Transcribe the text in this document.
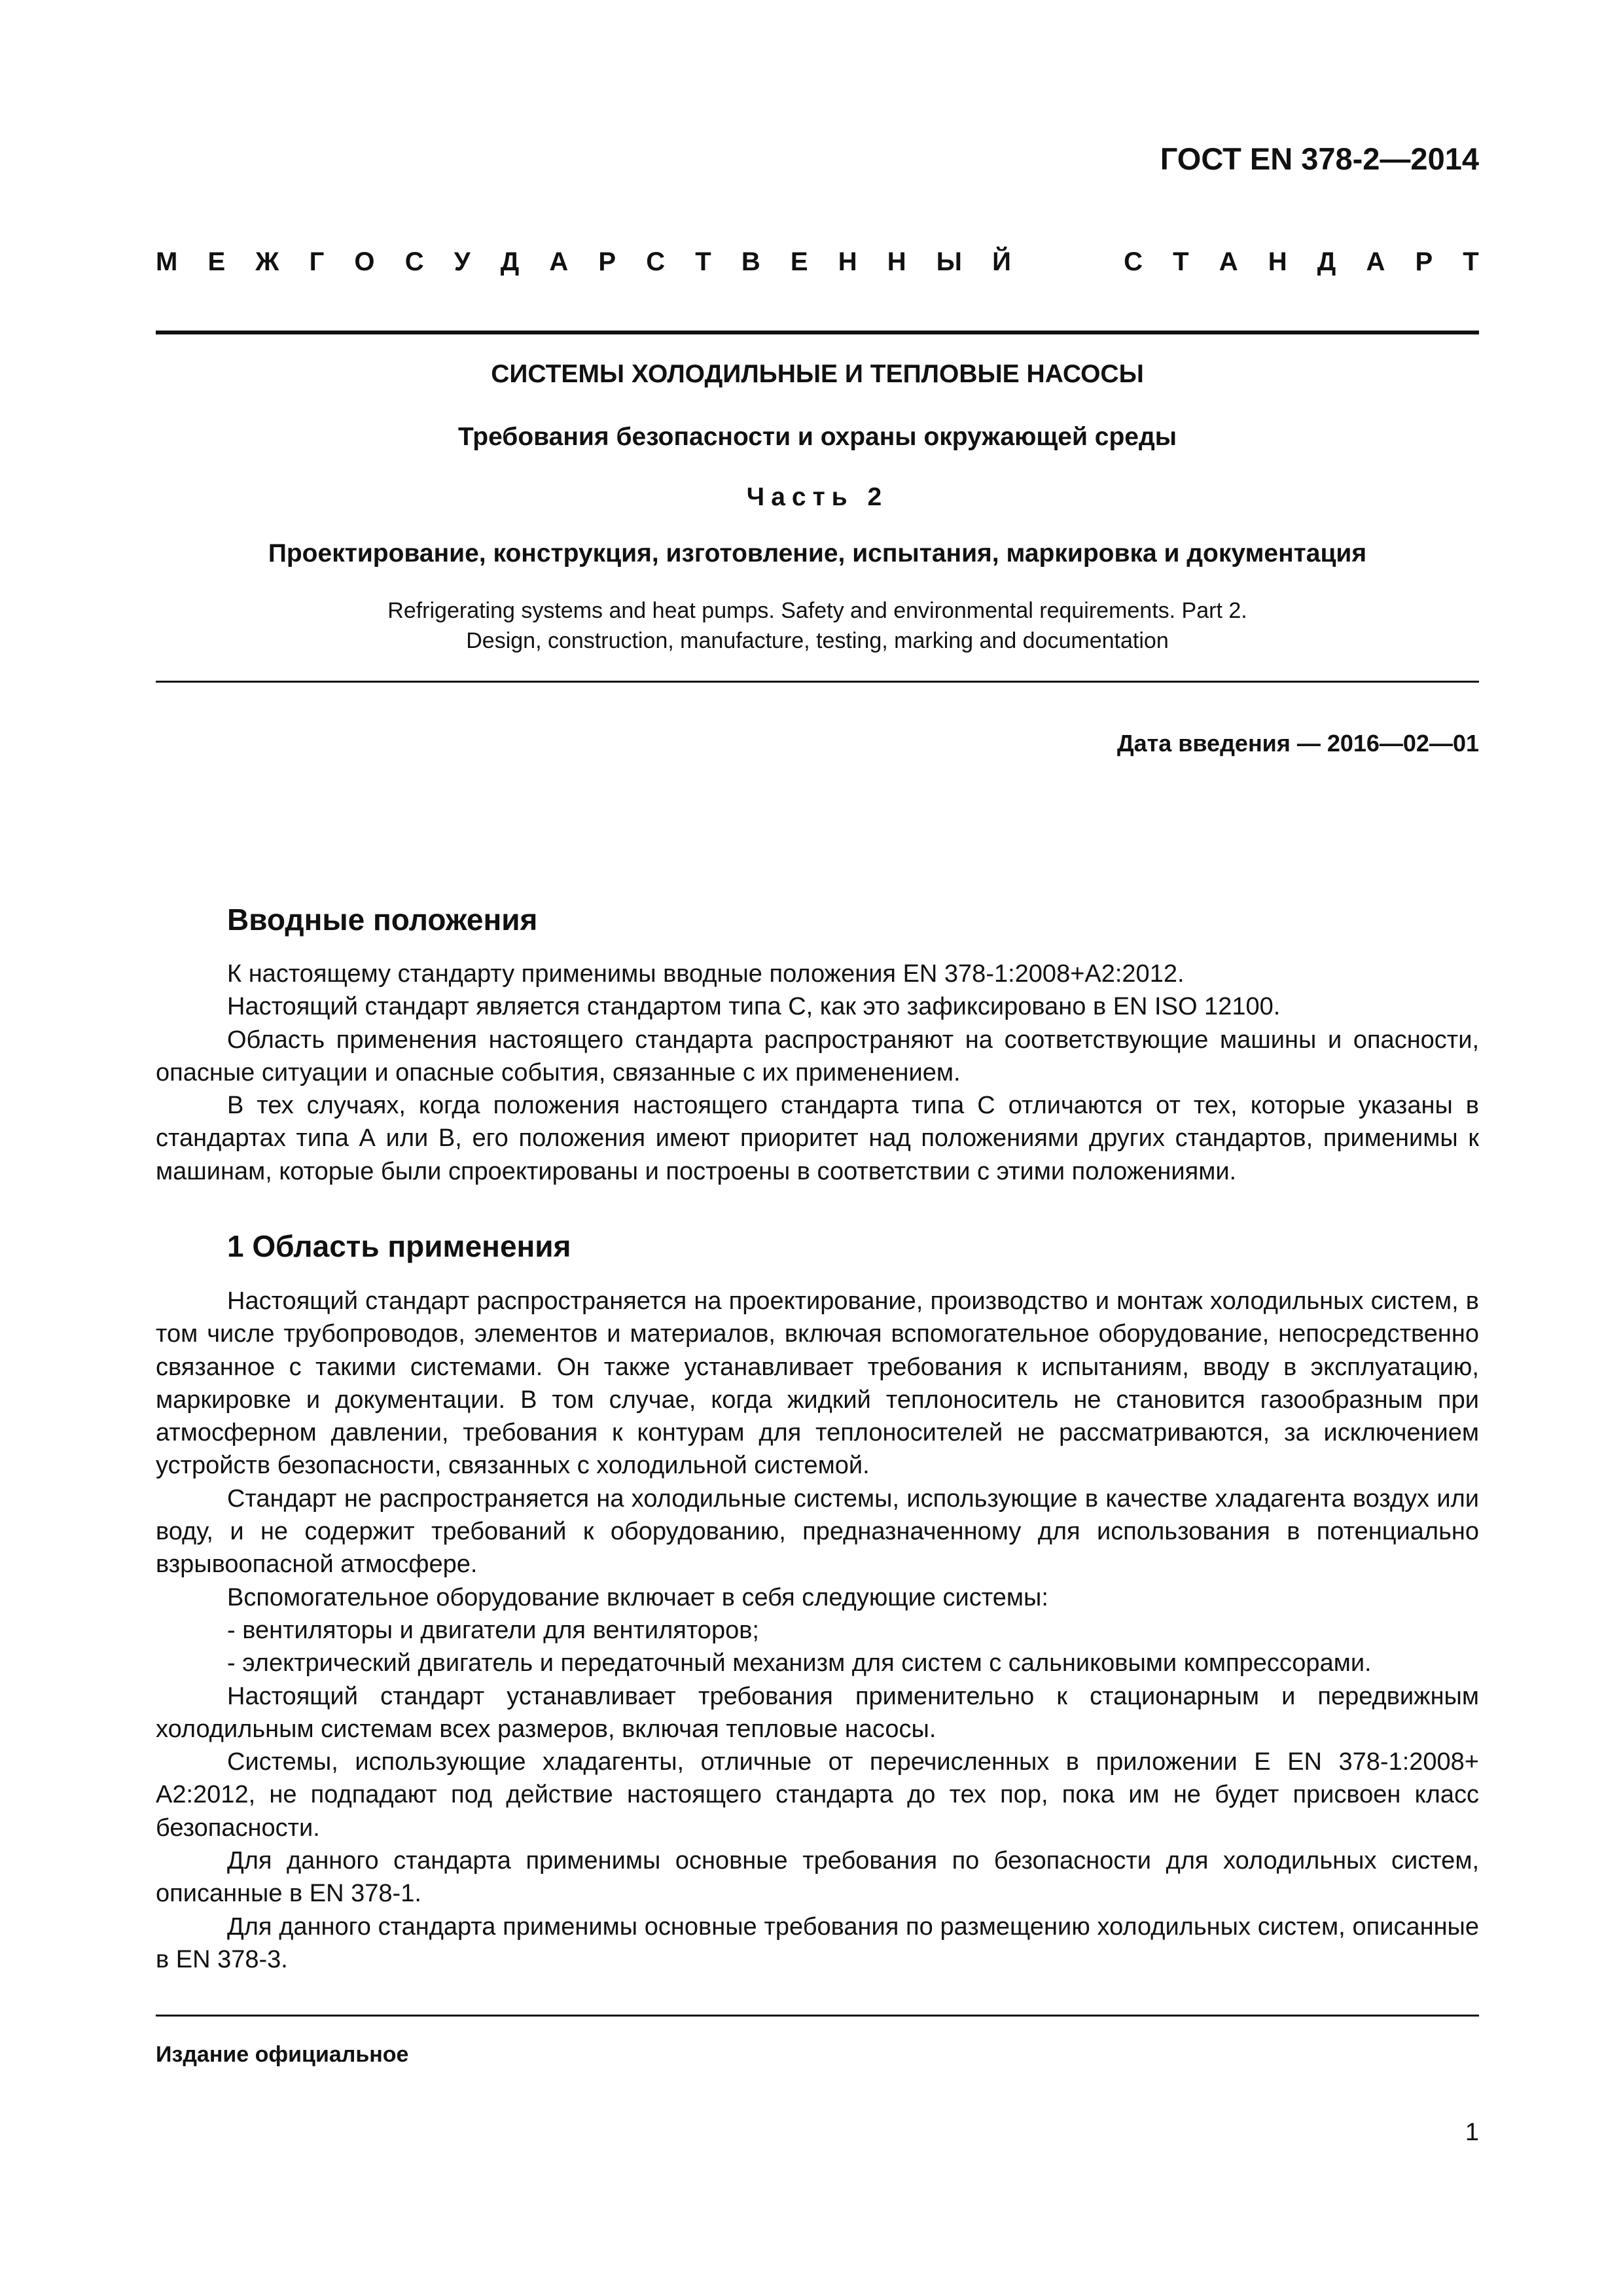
ГОСТ EN 378-2—2014
М Е Ж Г О С У Д А Р С Т В Е Н Н Ы Й	С Т А Н Д А Р Т
СИСТЕМЫ ХОЛОДИЛЬНЫЕ И ТЕПЛОВЫЕ НАСОСЫ
Требования безопасности и охраны окружающей среды
Часть 2
Проектирование, конструкция, изготовление, испытания, маркировка и документация
Refrigerating systems and heat pumps. Safety and environmental requirements. Part 2.
Design, construction, manufacture, testing, marking and documentation
Дата введения — 2016—02—01
Вводные положения

К настоящему стандарту применимы вводные положения EN 378-1:2008+A2:2012.

Настоящий стандарт является стандартом типа С, как это зафиксировано в EN ISO 12100.

Область применения настоящего стандарта распространяют на соответствующие машины и опасности, опасные ситуации и опасные события, связанные с их применением.

В тех случаях, когда положения настоящего стандарта типа С отличаются от тех, которые указаны в стандартах типа А или В, его положения имеют приоритет над положениями других стандартов, применимы к машинам, которые были спроектированы и построены в соответствии с этими положениями.

1 Область применения

Настоящий стандарт распространяется на проектирование, производство и монтаж холодильных систем, в том числе трубопроводов, элементов и материалов, включая вспомогательное оборудование, непосредственно связанное с такими системами. Он также устанавливает требования к испытаниям, вводу в эксплуатацию, маркировке и документации. В том случае, когда жидкий теплоноситель не становится газообразным при атмосферном давлении, требования к контурам для теплоносителей не рассматриваются, за исключением устройств безопасности, связанных с холодильной системой.

Стандарт не распространяется на холодильные системы, использующие в качестве хладагента воздух или воду, и не содержит требований к оборудованию, предназначенному для использования в потенциально взрывоопасной атмосфере.

Вспомогательное оборудование включает в себя следующие системы:

- вентиляторы и двигатели для вентиляторов;

- электрический двигатель и передаточный механизм для систем с сальниковыми компрессорами.

Настоящий стандарт устанавливает требования применительно к стационарным и передвижным холодильным системам всех размеров, включая тепловые насосы.

Системы, использующие хладагенты, отличные от перечисленных в приложении E EN 378-1:2008+ A2:2012, не подпадают под действие настоящего стандарта до тех пор, пока им не будет присвоен класс безопасности.

Для данного стандарта применимы основные требования по безопасности для холодильных систем, описанные в EN 378-1.

Для данного стандарта применимы основные требования по размещению холодильных систем, описанные в EN 378-3.

Издание официальное
1
